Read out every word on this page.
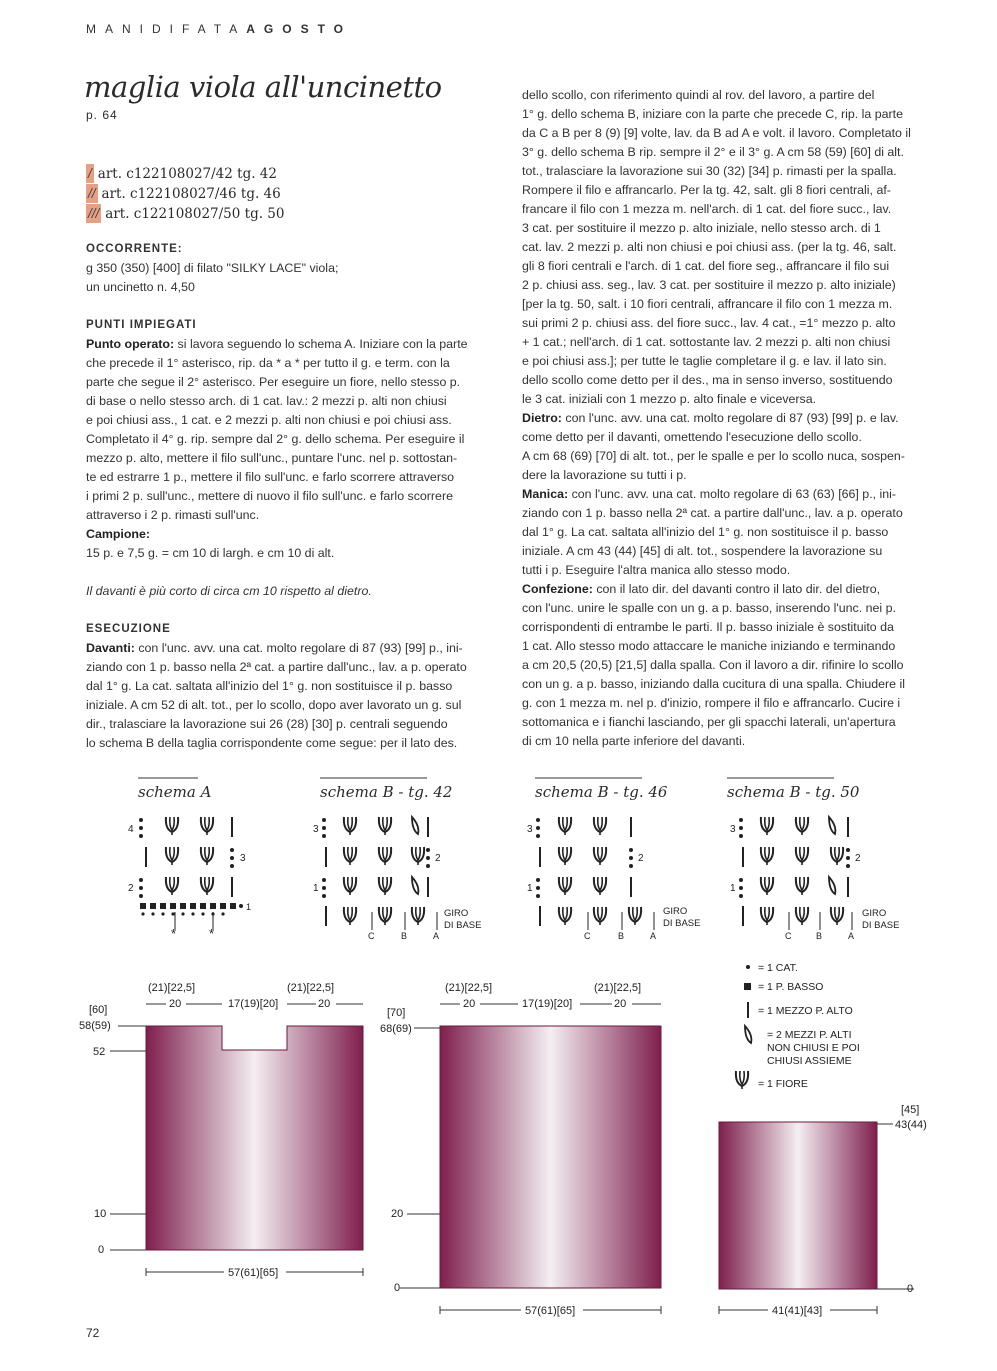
MANIDIFATAAGOSTO
maglia viola all'uncinetto
p. 64
/ art. c122108027/42 tg. 42
// art. c122108027/46 tg. 46
/// art. c122108027/50 tg. 50

OCCORRENTE:

g 350 (350) [400] di filato "SILKY LACE" viola;

un uncinetto n. 4,50

PUNTI IMPIEGATI

Punto operato: si lavora seguendo lo schema A. Iniziare con la parte

che precede il 1° asterisco, rip. da * a * per tutto il g. e term. con la

parte che segue il 2° asterisco. Per eseguire un fiore, nello stesso p.

di base o nello stesso arch. di 1 cat. lav.: 2 mezzi p. alti non chiusi

e poi chiusi ass., 1 cat. e 2 mezzi p. alti non chiusi e poi chiusi ass.

Completato il 4° g. rip. sempre dal 2° g. dello schema. Per eseguire il

mezzo p. alto, mettere il filo sull'unc., puntare l'unc. nel p. sottostan-

te ed estrarre 1 p., mettere il filo sull'unc. e farlo scorrere attraverso

i primi 2 p. sull'unc., mettere di nuovo il filo sull'unc. e farlo scorrere

attraverso i 2 p. rimasti sull'unc.

Campione:

15 p. e 7,5 g. = cm 10 di largh. e cm 10 di alt.

Il davanti è più corto di circa cm 10 rispetto al dietro.

ESECUZIONE

Davanti: con l'unc. avv. una cat. molto regolare di 87 (93) [99] p., ini-

ziando con 1 p. basso nella 2ª cat. a partire dall'unc., lav. a p. operato

dal 1° g. La cat. saltata all'inizio del 1° g. non sostituisce il p. basso

iniziale. A cm 52 di alt. tot., per lo scollo, dopo aver lavorato un g. sul

dir., tralasciare la lavorazione sui 26 (28) [30] p. centrali seguendo

lo schema B della taglia corrispondente come segue: per il lato des.

dello scollo, con riferimento quindi al rov. del lavoro, a partire del

1° g. dello schema B, iniziare con la parte che precede C, rip. la parte

da C a B per 8 (9) [9] volte, lav. da B ad A e volt. il lavoro. Completato il

3° g. dello schema B rip. sempre il 2° e il 3° g. A cm 58 (59) [60] di alt.

tot., tralasciare la lavorazione sui 30 (32) [34] p. rimasti per la spalla.

Rompere il filo e affrancarlo. Per la tg. 42, salt. gli 8 fiori centrali, af-

francare il filo con 1 mezza m. nell'arch. di 1 cat. del fiore succ., lav.

3 cat. per sostituire il mezzo p. alto iniziale, nello stesso arch. di 1

cat. lav. 2 mezzi p. alti non chiusi e poi chiusi ass. (per la tg. 46, salt.

gli 8 fiori centrali e l'arch. di 1 cat. del fiore seg., affrancare il filo sui

2 p. chiusi ass. seg., lav. 3 cat. per sostituire il mezzo p. alto iniziale)

[per la tg. 50, salt. i 10 fiori centrali, affrancare il filo con 1 mezza m.

sui primi 2 p. chiusi ass. del fiore succ., lav. 4 cat., =1° mezzo p. alto

+ 1 cat.; nell'arch. di 1 cat. sottostante lav. 2 mezzi p. alti non chiusi

e poi chiusi ass.]; per tutte le taglie completare il g. e lav. il lato sin.

dello scollo come detto per il des., ma in senso inverso, sostituendo

le 3 cat. iniziali con 1 mezzo p. alto finale e viceversa.

Dietro: con l'unc. avv. una cat. molto regolare di 87 (93) [99] p. e lav.

come detto per il davanti, omettendo l'esecuzione dello scollo.

A cm 68 (69) [70] di alt. tot., per le spalle e per lo scollo nuca, sospen-

dere la lavorazione su tutti i p.

Manica: con l'unc. avv. una cat. molto regolare di 63 (63) [66] p., ini-

ziando con 1 p. basso nella 2ª cat. a partire dall'unc., lav. a p. operato

dal 1° g. La cat. saltata all'inizio del 1° g. non sostituisce il p. basso

iniziale. A cm 43 (44) [45] di alt. tot., sospendere la lavorazione su

tutti i p. Eseguire l'altra manica allo stesso modo.

Confezione: con il lato dir. del davanti contro il lato dir. del dietro,

con l'unc. unire le spalle con un g. a p. basso, inserendo l'unc. nei p.

corrispondenti di entrambe le parti. Il p. basso iniziale è sostituito da

1 cat. Allo stesso modo attaccare le maniche iniziando e terminando

a cm 20,5 (20,5) [21,5] dalla spalla. Con il lavoro a dir. rifinire lo scollo

con un g. a p. basso, iniziando dalla cucitura di una spalla. Chiudere il

g. con 1 mezza m. nel p. d'inizio, rompere il filo e affrancarlo. Cucire i

sottomanica e i fianchi lasciando, per gli spacchi laterali, un'apertura

di cm 10 nella parte inferiore del davanti.

schema A	schema B - tg. 42	schema B - tg. 46	schema B - tg. 50
4
3
2
1
*	*
3
2
1
C	B	A
GIRO
DI BASE
3
2
1
C	B	A
GIRO
DI BASE
3
2
1
C	B	A
GIRO
DI BASE
= 1 CAT.
= 1 P. BASSO
= 1 MEZZO P. ALTO
= 2 MEZZI P. ALTI
NON CHIUSI E POI
CHIUSI ASSIEME
= 1 FIORE
(21)[22,5]
20	17(19)[20]
(21)[22,5]
20
[60]
58(59)
52
10
0
57(61)[65]
(21)[22,5]
20	17(19)[20]
(21)[22,5]
20
[70]
68(69)
20
0
57(61)[65]
[45]
43(44)
0
41(41)[43]
72
